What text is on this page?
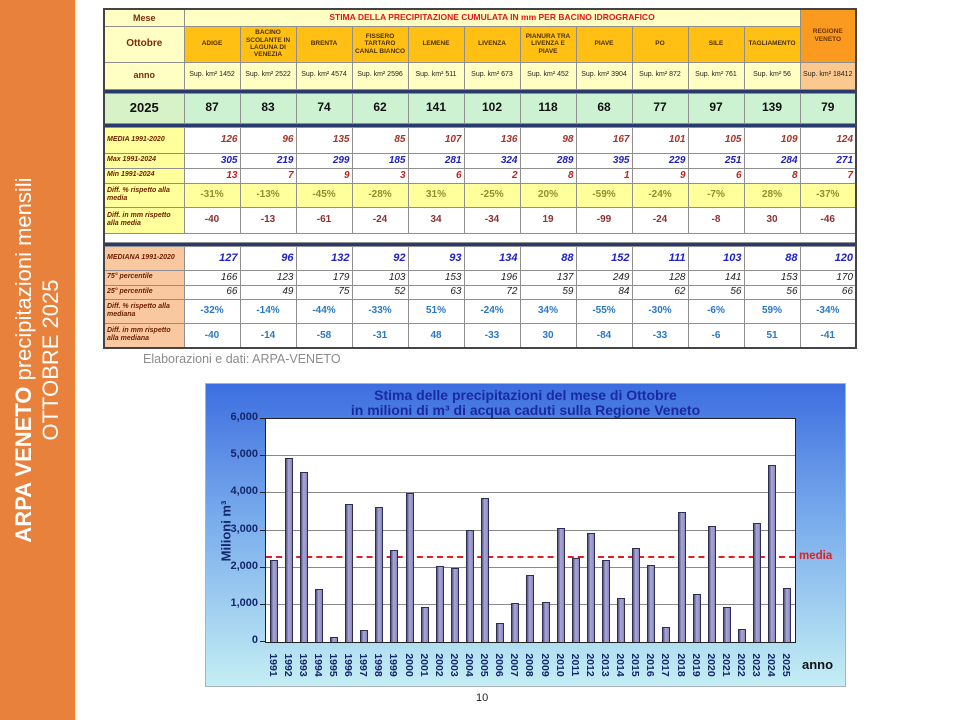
ARPA VENETO precipitazioni mensili OTTOBRE 2025
Mese	STIMA DELLA PRECIPITAZIONE CUMULATA IN mm PER BACINO IDROGRAFICO											REGIONE VENETO
Ottobre	ADIGE	BACINO SCOLANTE IN LAGUNA DI VENEZIA	BRENTA	FISSERO TARTARO CANAL BIANCO	LEMENE	LIVENZA	PIANURA TRA LIVENZA E PIAVE	PIAVE	PO	SILE	TAGLIAMENTO	
anno	Sup. km² 1452	Sup. km² 2522	Sup. km² 4574	Sup. km² 2596	Sup. km² 511	Sup. km² 673	Sup. km² 452	Sup. km² 3904	Sup. km² 872	Sup. km² 761	Sup. km² 56	Sup. km² 18412

2025	87	83	74	62	141	102	118	68	77	97	139	79

MEDIA 1991-2020	126	96	135	85	107	136	98	167	101	105	109	124
Max 1991-2024	305	219	299	185	281	324	289	395	229	251	284	271
Min 1991-2024	13	7	9	3	6	2	8	1	9	6	8	7
Diff. % rispetto alla media	-31%	-13%	-45%	-28%	31%	-25%	20%	-59%	-24%	-7%	28%	-37%
Diff. in mm rispetto alla media	-40	-13	-61	-24	34	-34	19	-99	-24	-8	30	-46

MEDIANA 1991-2020	127	96	132	92	93	134	88	152	111	103	88	120
75° percentile	166	123	179	103	153	196	137	249	128	141	153	170
25° percentile	66	49	75	52	63	72	59	84	62	56	56	66
Diff. % rispetto alla mediana	-32%	-14%	-44%	-33%	51%	-24%	34%	-55%	-30%	-6%	59%	-34%
Diff. in mm rispetto alla mediana	-40	-14	-58	-31	48	-33	30	-84	-33	-6	51	-41
Elaborazioni e dati: ARPA-VENETO
Stima delle precipitazioni del mese di Ottobre
in milioni di m³ di acqua caduti sulla Regione Veneto
Milioni m³
1991 1992 1993 1994 1995 1996 1997 1998 1999 2000 2001 2002 2003 2004 2005 2006 2007 2008 2009 2010 2011 2012 2013 2014 2015 2016 2017 2018 2019 2020 2021 2022 2023 2024 2025
media
anno
0
1,000
2,000
3,000
4,000
5,000
6,000
10
